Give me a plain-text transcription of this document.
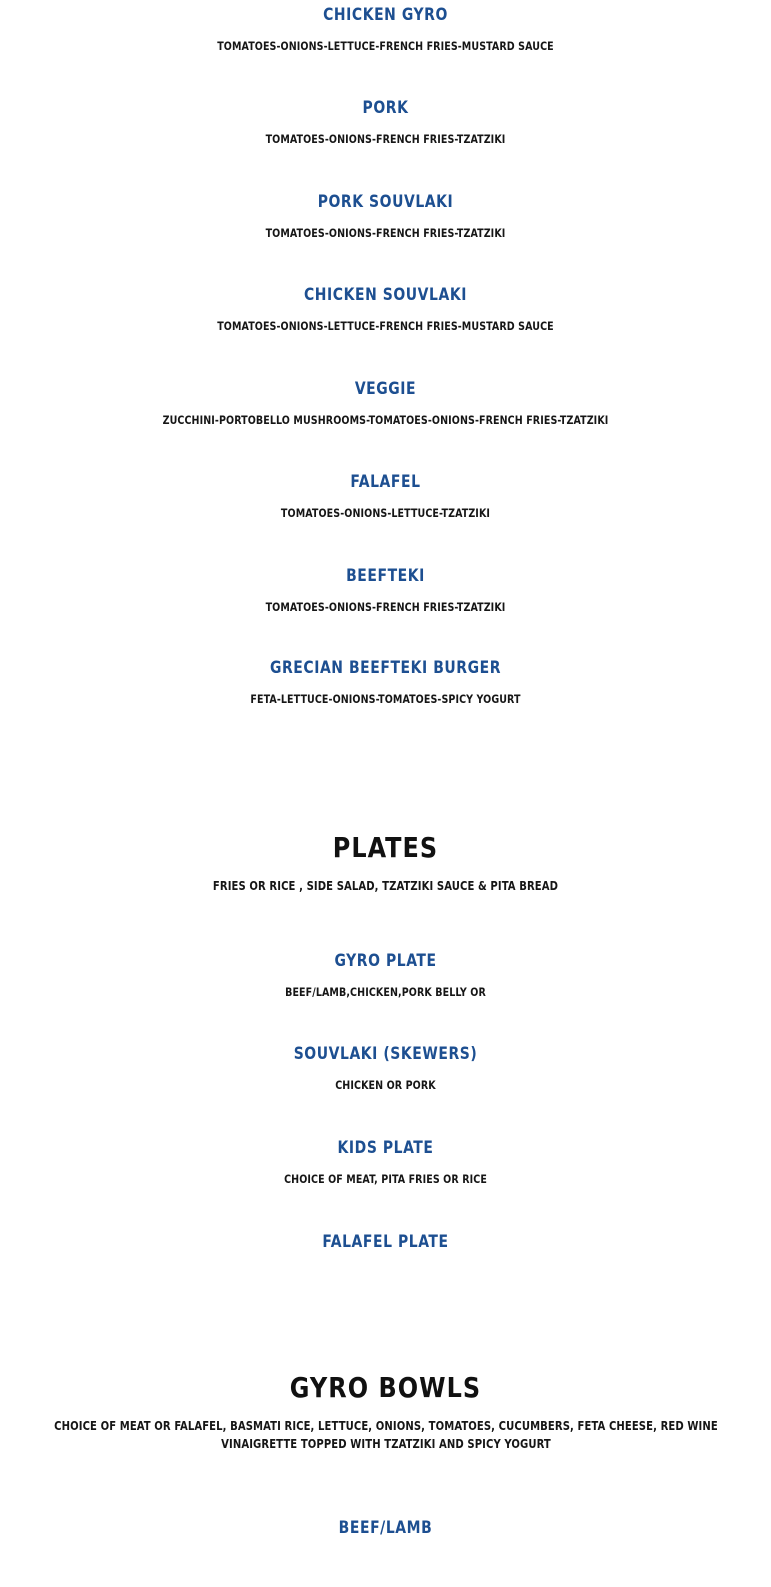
CHICKEN GYRO
TOMATOES-ONIONS-LETTUCE-FRENCH FRIES-MUSTARD SAUCE
PORK
TOMATOES-ONIONS-FRENCH FRIES-TZATZIKI
PORK SOUVLAKI
TOMATOES-ONIONS-FRENCH FRIES-TZATZIKI
CHICKEN SOUVLAKI
TOMATOES-ONIONS-LETTUCE-FRENCH FRIES-MUSTARD SAUCE
VEGGIE
ZUCCHINI-PORTOBELLO MUSHROOMS-TOMATOES-ONIONS-FRENCH FRIES-TZATZIKI
FALAFEL
TOMATOES-ONIONS-LETTUCE-TZATZIKI
BEEFTEKI
TOMATOES-ONIONS-FRENCH FRIES-TZATZIKI
GRECIAN BEEFTEKI BURGER
FETA-LETTUCE-ONIONS-TOMATOES-SPICY YOGURT
PLATES
FRIES OR RICE , SIDE SALAD, TZATZIKI SAUCE & PITA BREAD
GYRO PLATE
BEEF/LAMB,CHICKEN,PORK BELLY OR
SOUVLAKI (SKEWERS)
CHICKEN OR PORK
KIDS PLATE
CHOICE OF MEAT, PITA FRIES OR RICE
FALAFEL PLATE
GYRO BOWLS
CHOICE OF MEAT OR FALAFEL, BASMATI RICE, LETTUCE, ONIONS, TOMATOES, CUCUMBERS, FETA CHEESE, RED WINE VINAIGRETTE TOPPED WITH TZATZIKI AND SPICY YOGURT
BEEF/LAMB
